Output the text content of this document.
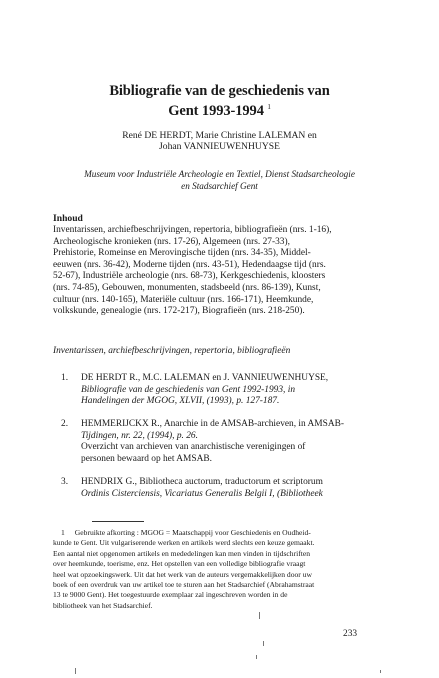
Bibliografie van de geschiedenis van
Gent 1993-1994 $^1$
René DE HERDT, Marie Christine LALEMAN en
Johan VANNIEUWENHUYSE
Museum voor Industriële Archeologie en Textiel, Dienst Stadsarcheologie
en Stadsarchief Gent
Inhoud
Inventarissen, archiefbeschrijvingen, repertoria, bibliografieën (nrs. 1-16),
Archeologische kronieken (nrs. 17-26), Algemeen (nrs. 27-33),
Prehistorie, Romeinse en Merovingische tijden (nrs. 34-35), Middel-
eeuwen (nrs. 36-42), Moderne tijden (nrs. 43-51), Hedendaagse tijd (nrs.
52-67), Industriële archeologie (nrs. 68-73), Kerkgeschiedenis, kloosters
(nrs. 74-85), Gebouwen, monumenten, stadsbeeld (nrs. 86-139), Kunst,
cultuur (nrs. 140-165), Materiële cultuur (nrs. 166-171), Heemkunde,
volkskunde, genealogie (nrs. 172-217), Biografieën (nrs. 218-250).
Inventarissen, archiefbeschrijvingen, repertoria, bibliografieën
1. DE HERDT R., M.C. LALEMAN en J. VANNIEUWENHUYSE,
Bibliografie van de geschiedenis van Gent 1992-1993, in
Handelingen der MGOG, XLVII, (1993), p. 127-187.
2. HEMMERIJCKX R., Anarchie in de AMSAB-archieven, in AMSAB-
Tijdingen, nr. 22, (1994), p. 26.
Overzicht van archieven van anarchistische verenigingen of
personen bewaard op het AMSAB.
3. HENDRIX G., Bibliotheca auctorum, traductorum et scriptorum
Ordinis Cisterciensis, Vicariatus Generalis Belgii I, (Bibliotheek
1 Gebruikte afkorting : MGOG = Maatschappij voor Geschiedenis en Oudheid-
kunde te Gent. Uit vulgariserende werken en artikels werd slechts een keuze gemaakt.
Een aantal niet opgenomen artikels en mededelingen kan men vinden in tijdschriften
over heemkunde, toerisme, enz. Het opstellen van een volledige bibliografie vraagt
heel wat opzoekingswerk. Uit dat het werk van de auteurs vergemakkelijken door uw
boek of een overdruk van uw artikel toe te sturen aan het Stadsarchief (Abrahamstraat
13 te 9000 Gent). Het toegestuurde exemplaar zal ingeschreven worden in de
bibliotheek van het Stadsarchief.
233
